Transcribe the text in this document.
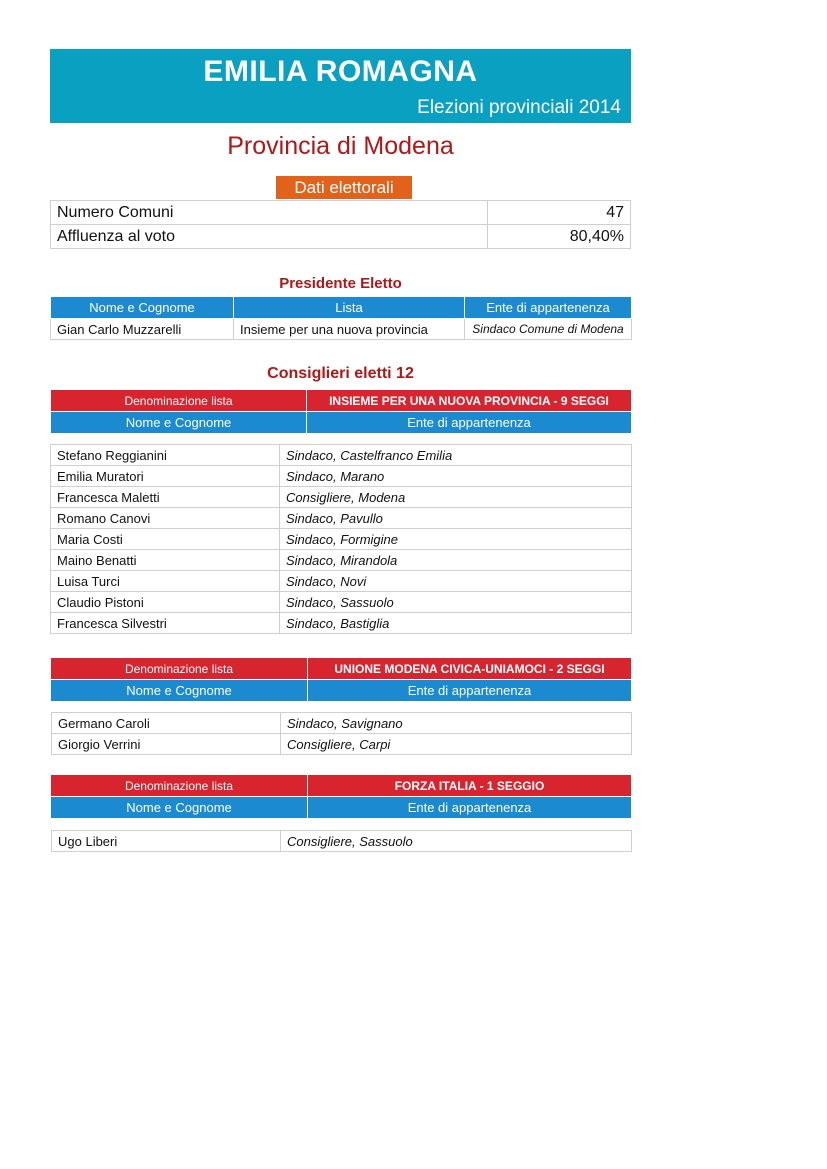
EMILIA ROMAGNA
Elezioni provinciali 2014
Provincia di Modena
Dati elettorali
Numero Comuni	47
Affluenza al voto	80,40%
Presidente Eletto
Nome e Cognome	Lista	Ente di appartenenza
Gian Carlo Muzzarelli	Insieme per una nuova provincia	Sindaco Comune di Modena
Consiglieri eletti 12
Denominazione lista	INSIEME PER UNA NUOVA PROVINCIA - 9 SEGGI
Nome e Cognome	Ente di appartenenza
Stefano Reggianini	Sindaco, Castelfranco Emilia
Emilia Muratori	Sindaco, Marano
Francesca Maletti	Consigliere, Modena
Romano Canovi	Sindaco, Pavullo
Maria Costi	Sindaco, Formigine
Maino Benatti	Sindaco, Mirandola
Luisa Turci	Sindaco, Novi
Claudio Pistoni	Sindaco, Sassuolo
Francesca Silvestri	Sindaco, Bastiglia
Denominazione lista	UNIONE MODENA CIVICA-UNIAMOCI - 2 SEGGI
Nome e Cognome	Ente di appartenenza
Germano Caroli	Sindaco, Savignano
Giorgio Verrini	Consigliere, Carpi
Denominazione lista	FORZA ITALIA - 1 SEGGIO
Nome e Cognome	Ente di appartenenza
Ugo Liberi	Consigliere, Sassuolo
